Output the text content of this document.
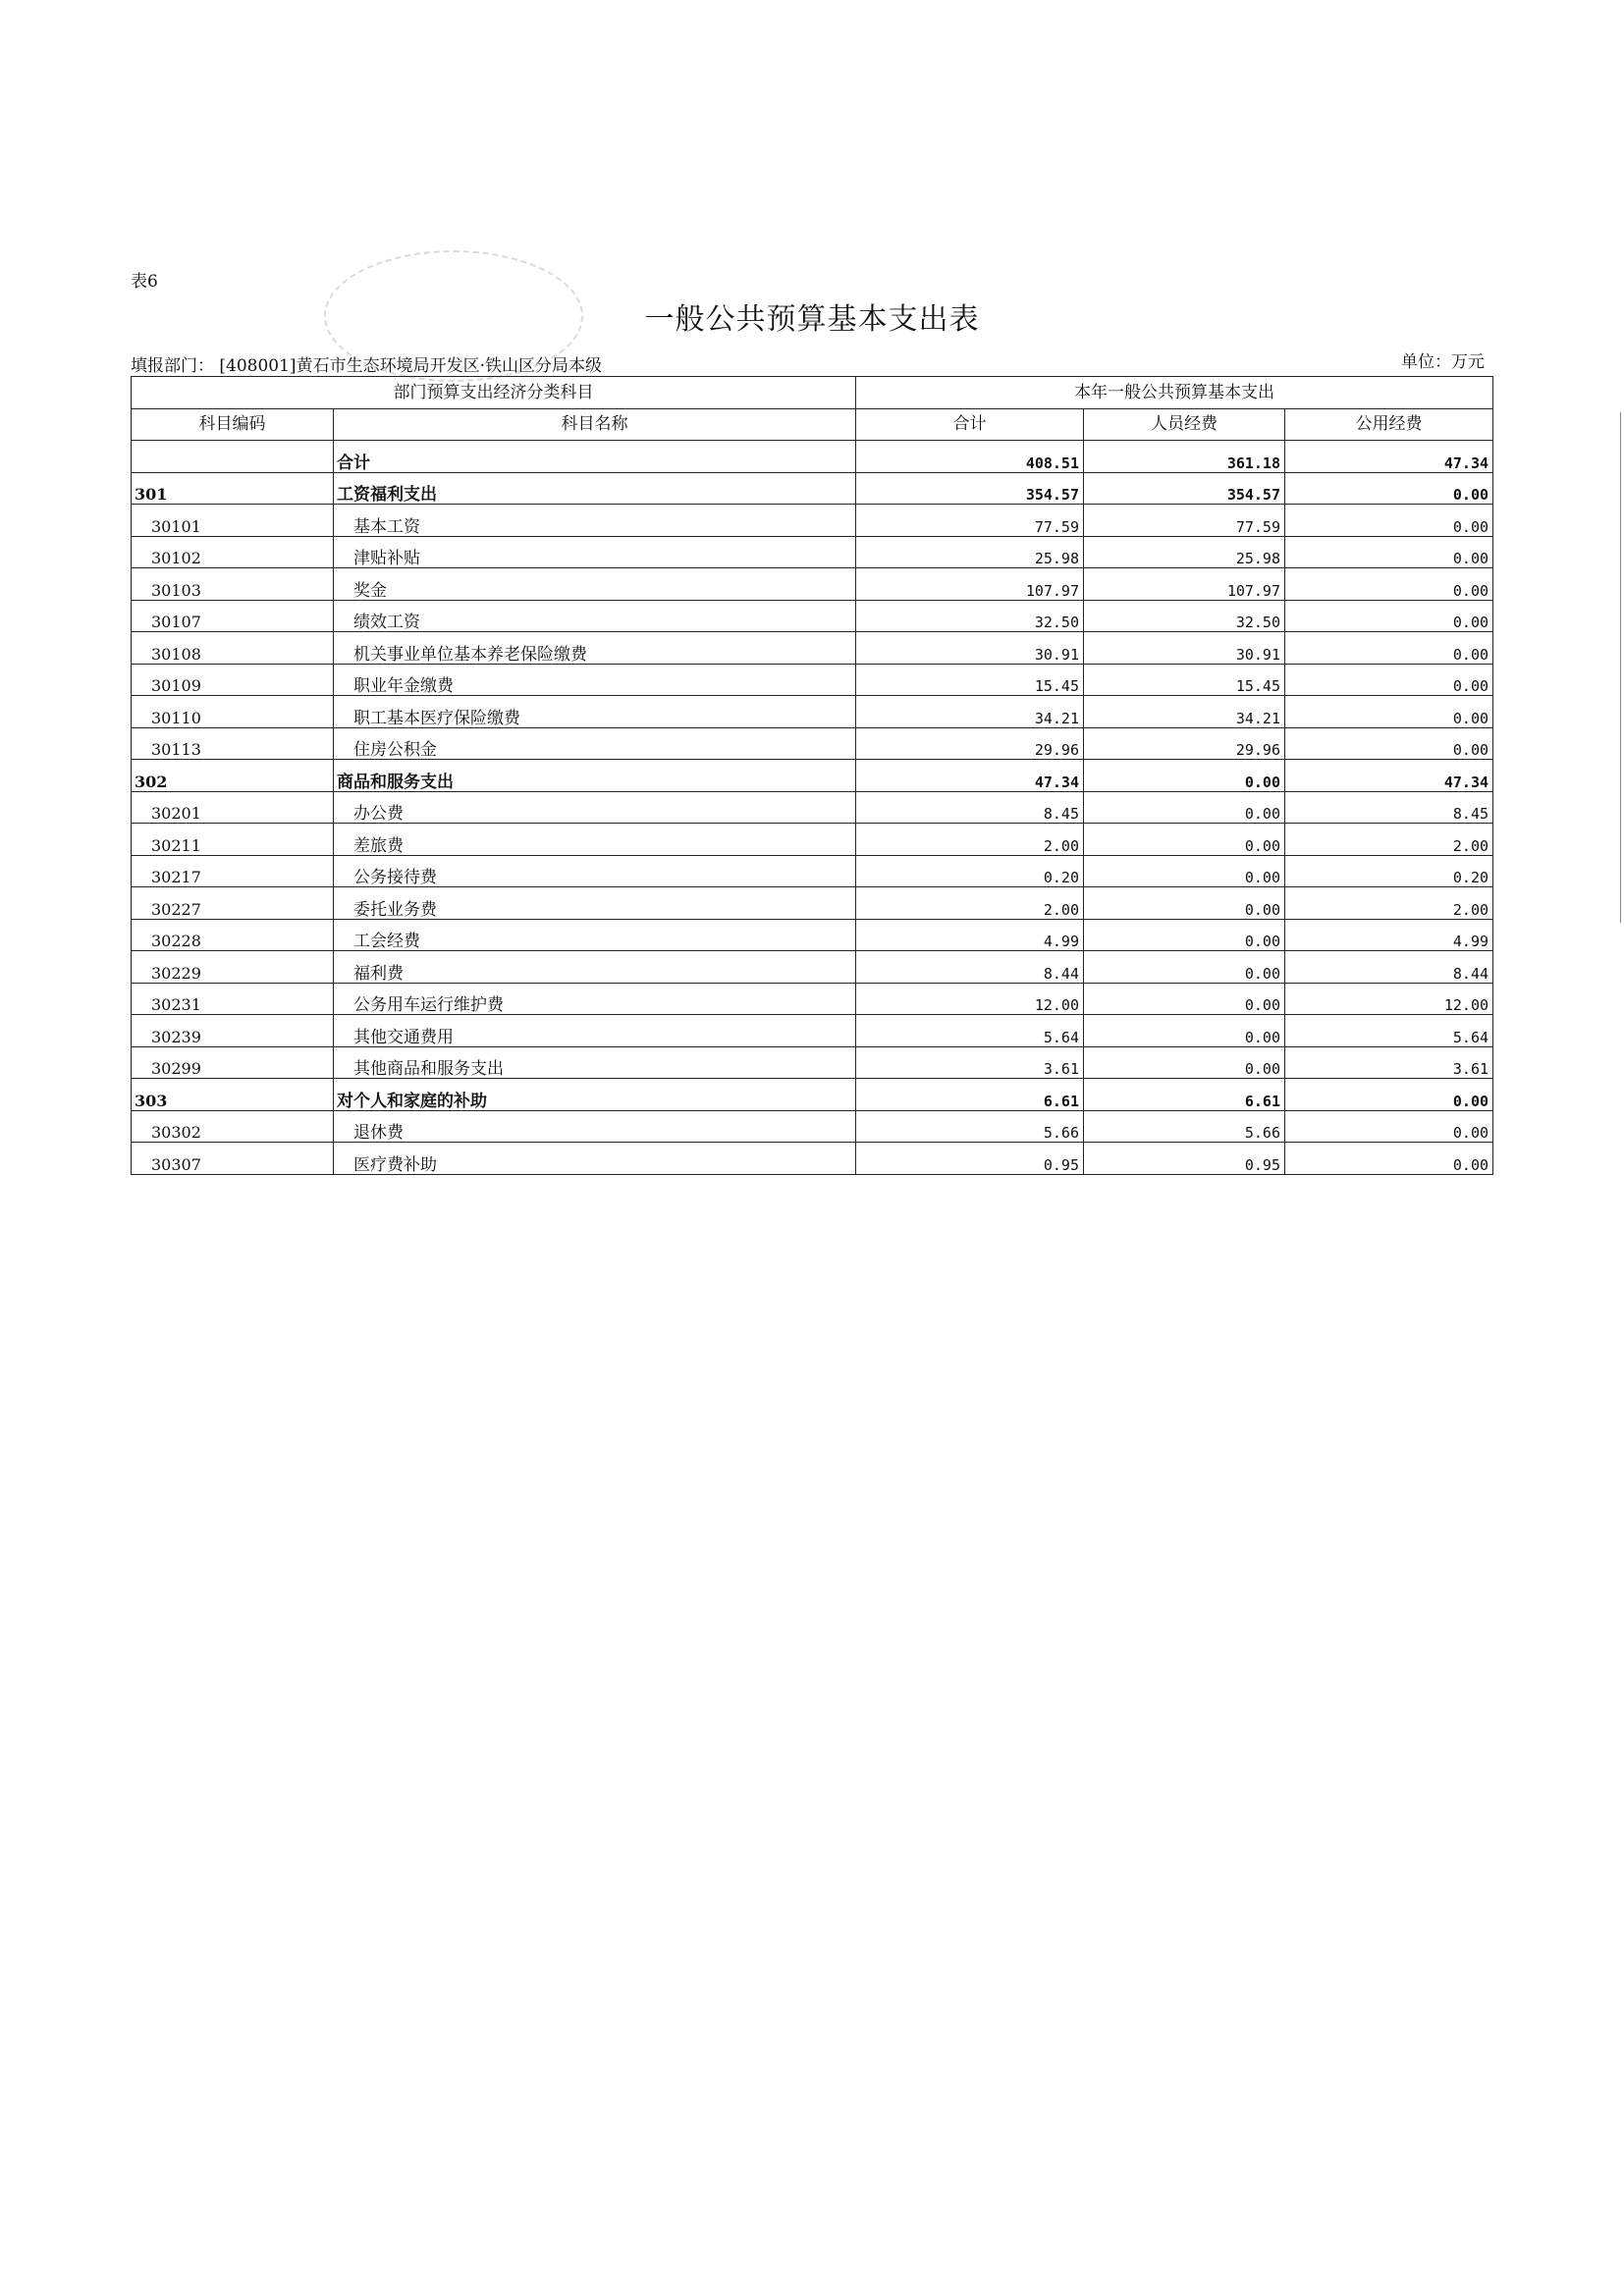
表6
一般公共预算基本支出表
填报部门： [408001]黄石市生态环境局开发区·铁山区分局本级	单位：万元
部门预算支出经济分类科目		本年一般公共预算基本支出		
科目编码	科目名称	合计	人员经费	公用经费
	合计	408.51	361.18	47.34
301	工资福利支出	354.57	354.57	0.00
30101	基本工资	77.59	77.59	0.00
30102	津贴补贴	25.98	25.98	0.00
30103	奖金	107.97	107.97	0.00
30107	绩效工资	32.50	32.50	0.00
30108	机关事业单位基本养老保险缴费	30.91	30.91	0.00
30109	职业年金缴费	15.45	15.45	0.00
30110	职工基本医疗保险缴费	34.21	34.21	0.00
30113	住房公积金	29.96	29.96	0.00
302	商品和服务支出	47.34	0.00	47.34
30201	办公费	8.45	0.00	8.45
30211	差旅费	2.00	0.00	2.00
30217	公务接待费	0.20	0.00	0.20
30227	委托业务费	2.00	0.00	2.00
30228	工会经费	4.99	0.00	4.99
30229	福利费	8.44	0.00	8.44
30231	公务用车运行维护费	12.00	0.00	12.00
30239	其他交通费用	5.64	0.00	5.64
30299	其他商品和服务支出	3.61	0.00	3.61
303	对个人和家庭的补助	6.61	6.61	0.00
30302	退休费	5.66	5.66	0.00
30307	医疗费补助	0.95	0.95	0.00
